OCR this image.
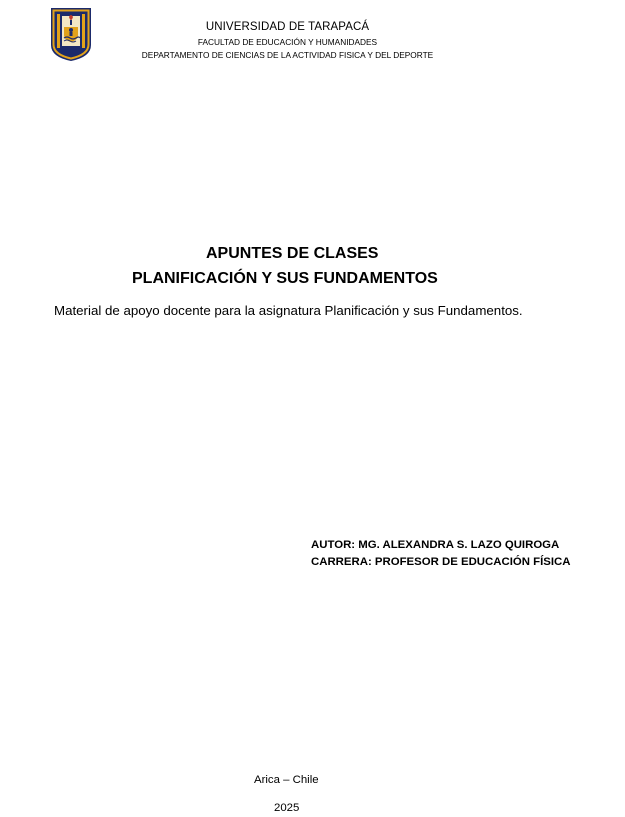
UNIVERSIDAD DE TARAPACÁ
FACULTAD DE EDUCACIÓN Y HUMANIDADES
DEPARTAMENTO DE CIENCIAS DE LA ACTIVIDAD FISICA Y DEL DEPORTE
APUNTES DE CLASES
PLANIFICACIÓN Y SUS FUNDAMENTOS
Material de apoyo docente para la asignatura Planificación y sus Fundamentos.
AUTOR: MG. ALEXANDRA S. LAZO QUIROGA
CARRERA: PROFESOR DE EDUCACIÓN FÍSICA
Arica – Chile
2025
